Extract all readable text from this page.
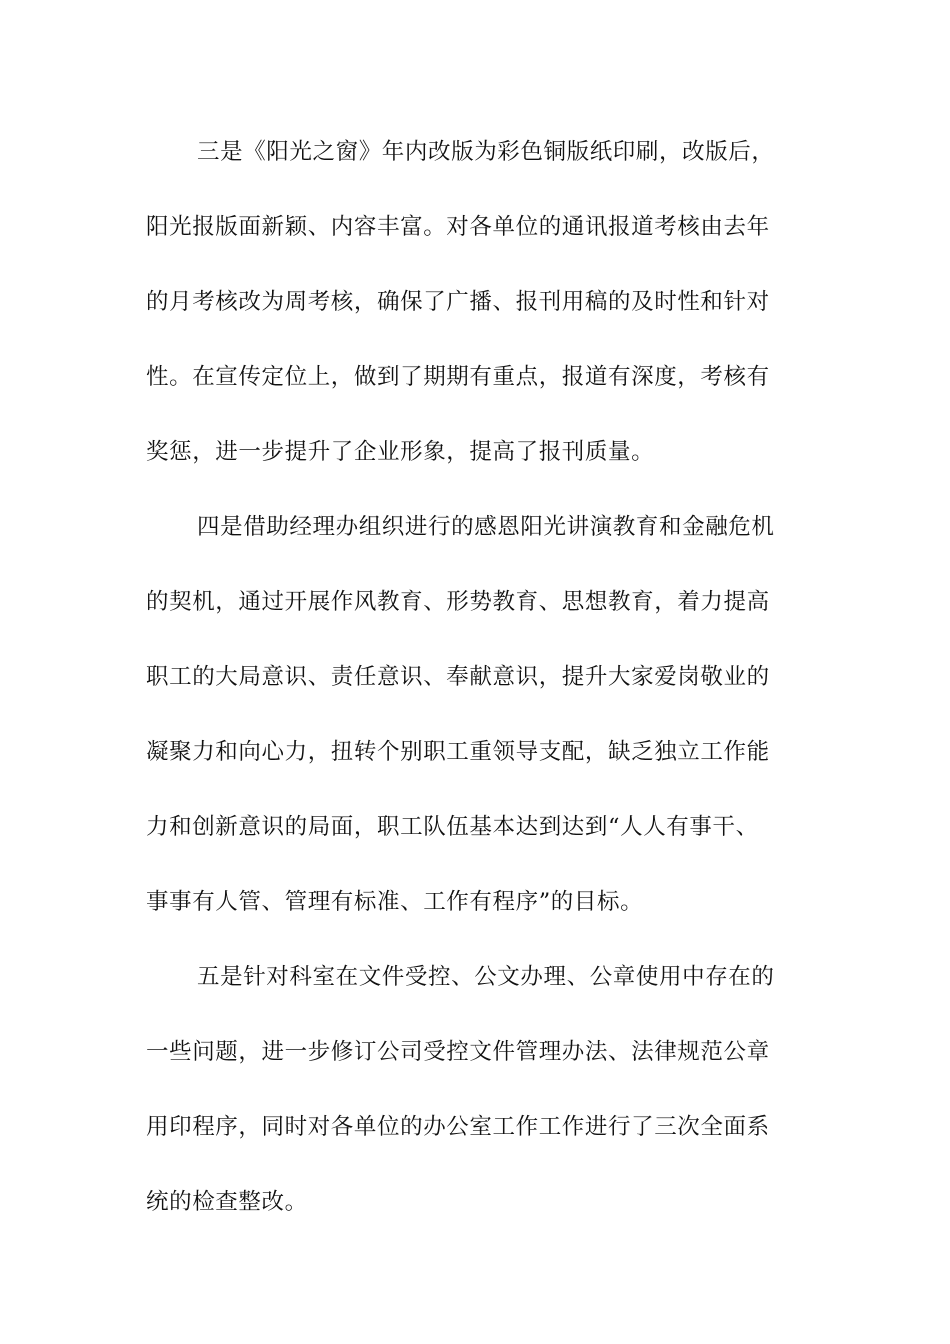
三是《阳光之窗》年内改版为彩色铜版纸印刷，改版后，
阳光报版面新颖、内容丰富。对各单位的通讯报道考核由去年
的月考核改为周考核，确保了广播、报刊用稿的及时性和针对
性。在宣传定位上，做到了期期有重点，报道有深度，考核有
奖惩，进一步提升了企业形象，提高了报刊质量。
四是借助经理办组织进行的感恩阳光讲演教育和金融危机
的契机，通过开展作风教育、形势教育、思想教育，着力提高
职工的大局意识、责任意识、奉献意识，提升大家爱岗敬业的
凝聚力和向心力，扭转个别职工重领导支配，缺乏独立工作能
力和创新意识的局面，职工队伍基本达到达到“人人有事干、
事事有人管、管理有标准、工作有程序”的目标。
五是针对科室在文件受控、公文办理、公章使用中存在的
一些问题，进一步修订公司受控文件管理办法、法律规范公章
用印程序，同时对各单位的办公室工作工作进行了三次全面系
统的检查整改。
